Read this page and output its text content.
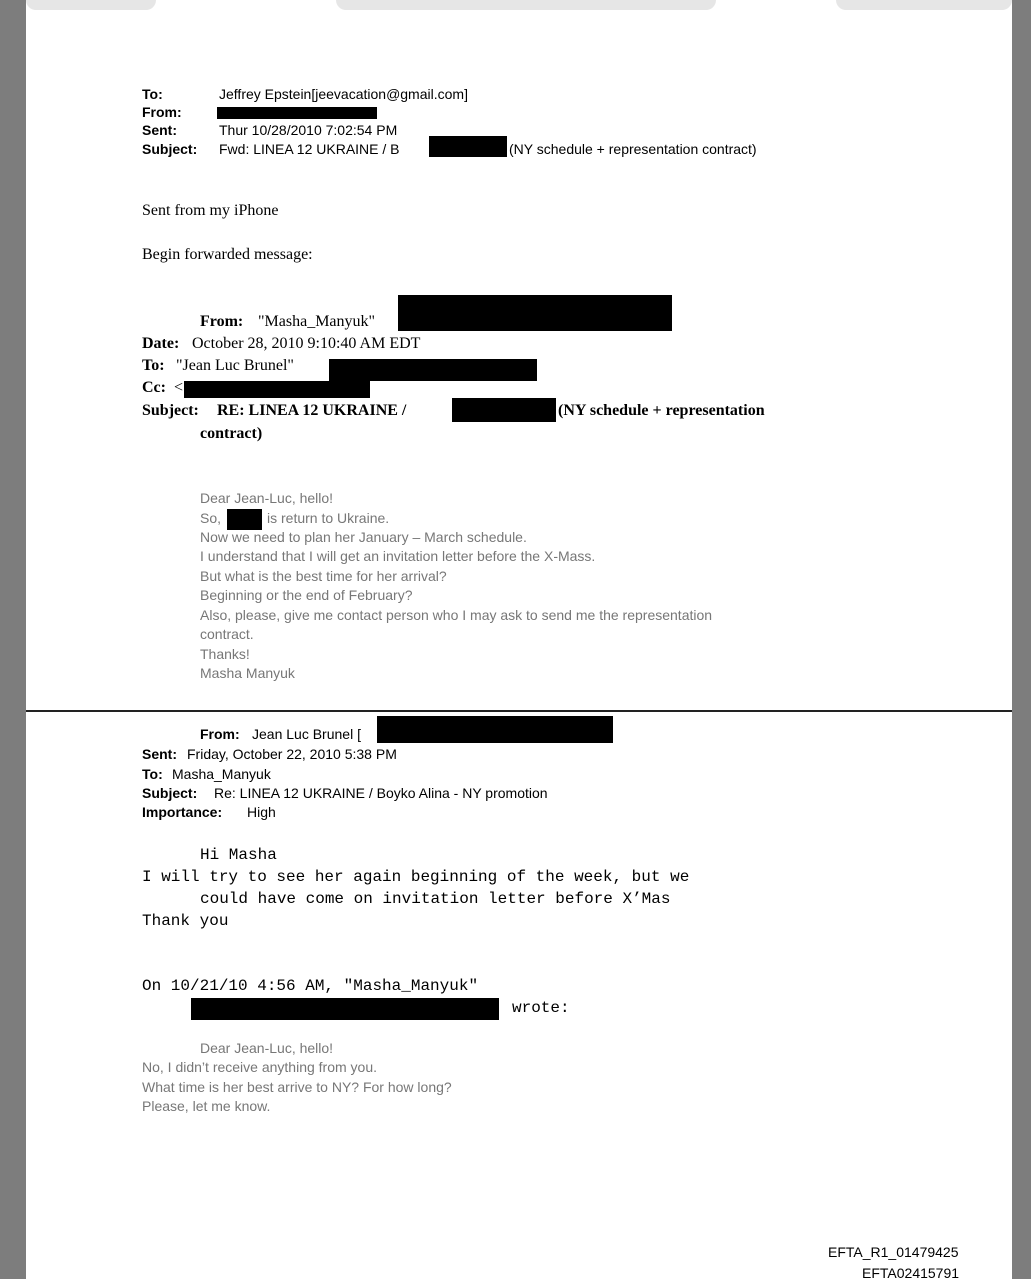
To:	Jeffrey Epstein[jeevacation@gmail.com]
From:
Sent:	Thur 10/28/2010 7:02:54 PM
Subject: Fwd: LINEA 12 UKRAINE / B	(NY schedule + representation contract)
Sent from my iPhone
Begin forwarded message:
From: "Masha_Manyuk"
Date: October 28, 2010 9:10:40 AM EDT
To: "Jean Luc Brunel"
Cc: <
Subject: RE: LINEA 12 UKRAINE /	(NY schedule + representation
contract)
Dear Jean-Luc, hello!
So,	is return to Ukraine.
Now we need to plan her January – March schedule.
I understand that I will get an invitation letter before the X-Mass.
But what is the best time for her arrival?
Beginning or the end of February?
Also, please, give me contact person who I may ask to send me the representation
contract.
Thanks!
Masha Manyuk
From: Jean Luc Brunel [
Sent: Friday, October 22, 2010 5:38 PM
To: Masha_Manyuk
Subject: Re: LINEA 12 UKRAINE / Boyko Alina - NY promotion
Importance: High
Hi Masha
I will try to see her again beginning of the week, but we
could have come on invitation letter before X’Mas
Thank you
On 10/21/10 4:56 AM, "Masha_Manyuk"
wrote:
Dear Jean-Luc, hello!
No, I didn’t receive anything from you.
What time is her best arrive to NY? For how long?
Please, let me know.
EFTA_R1_01479425
EFTA02415791
